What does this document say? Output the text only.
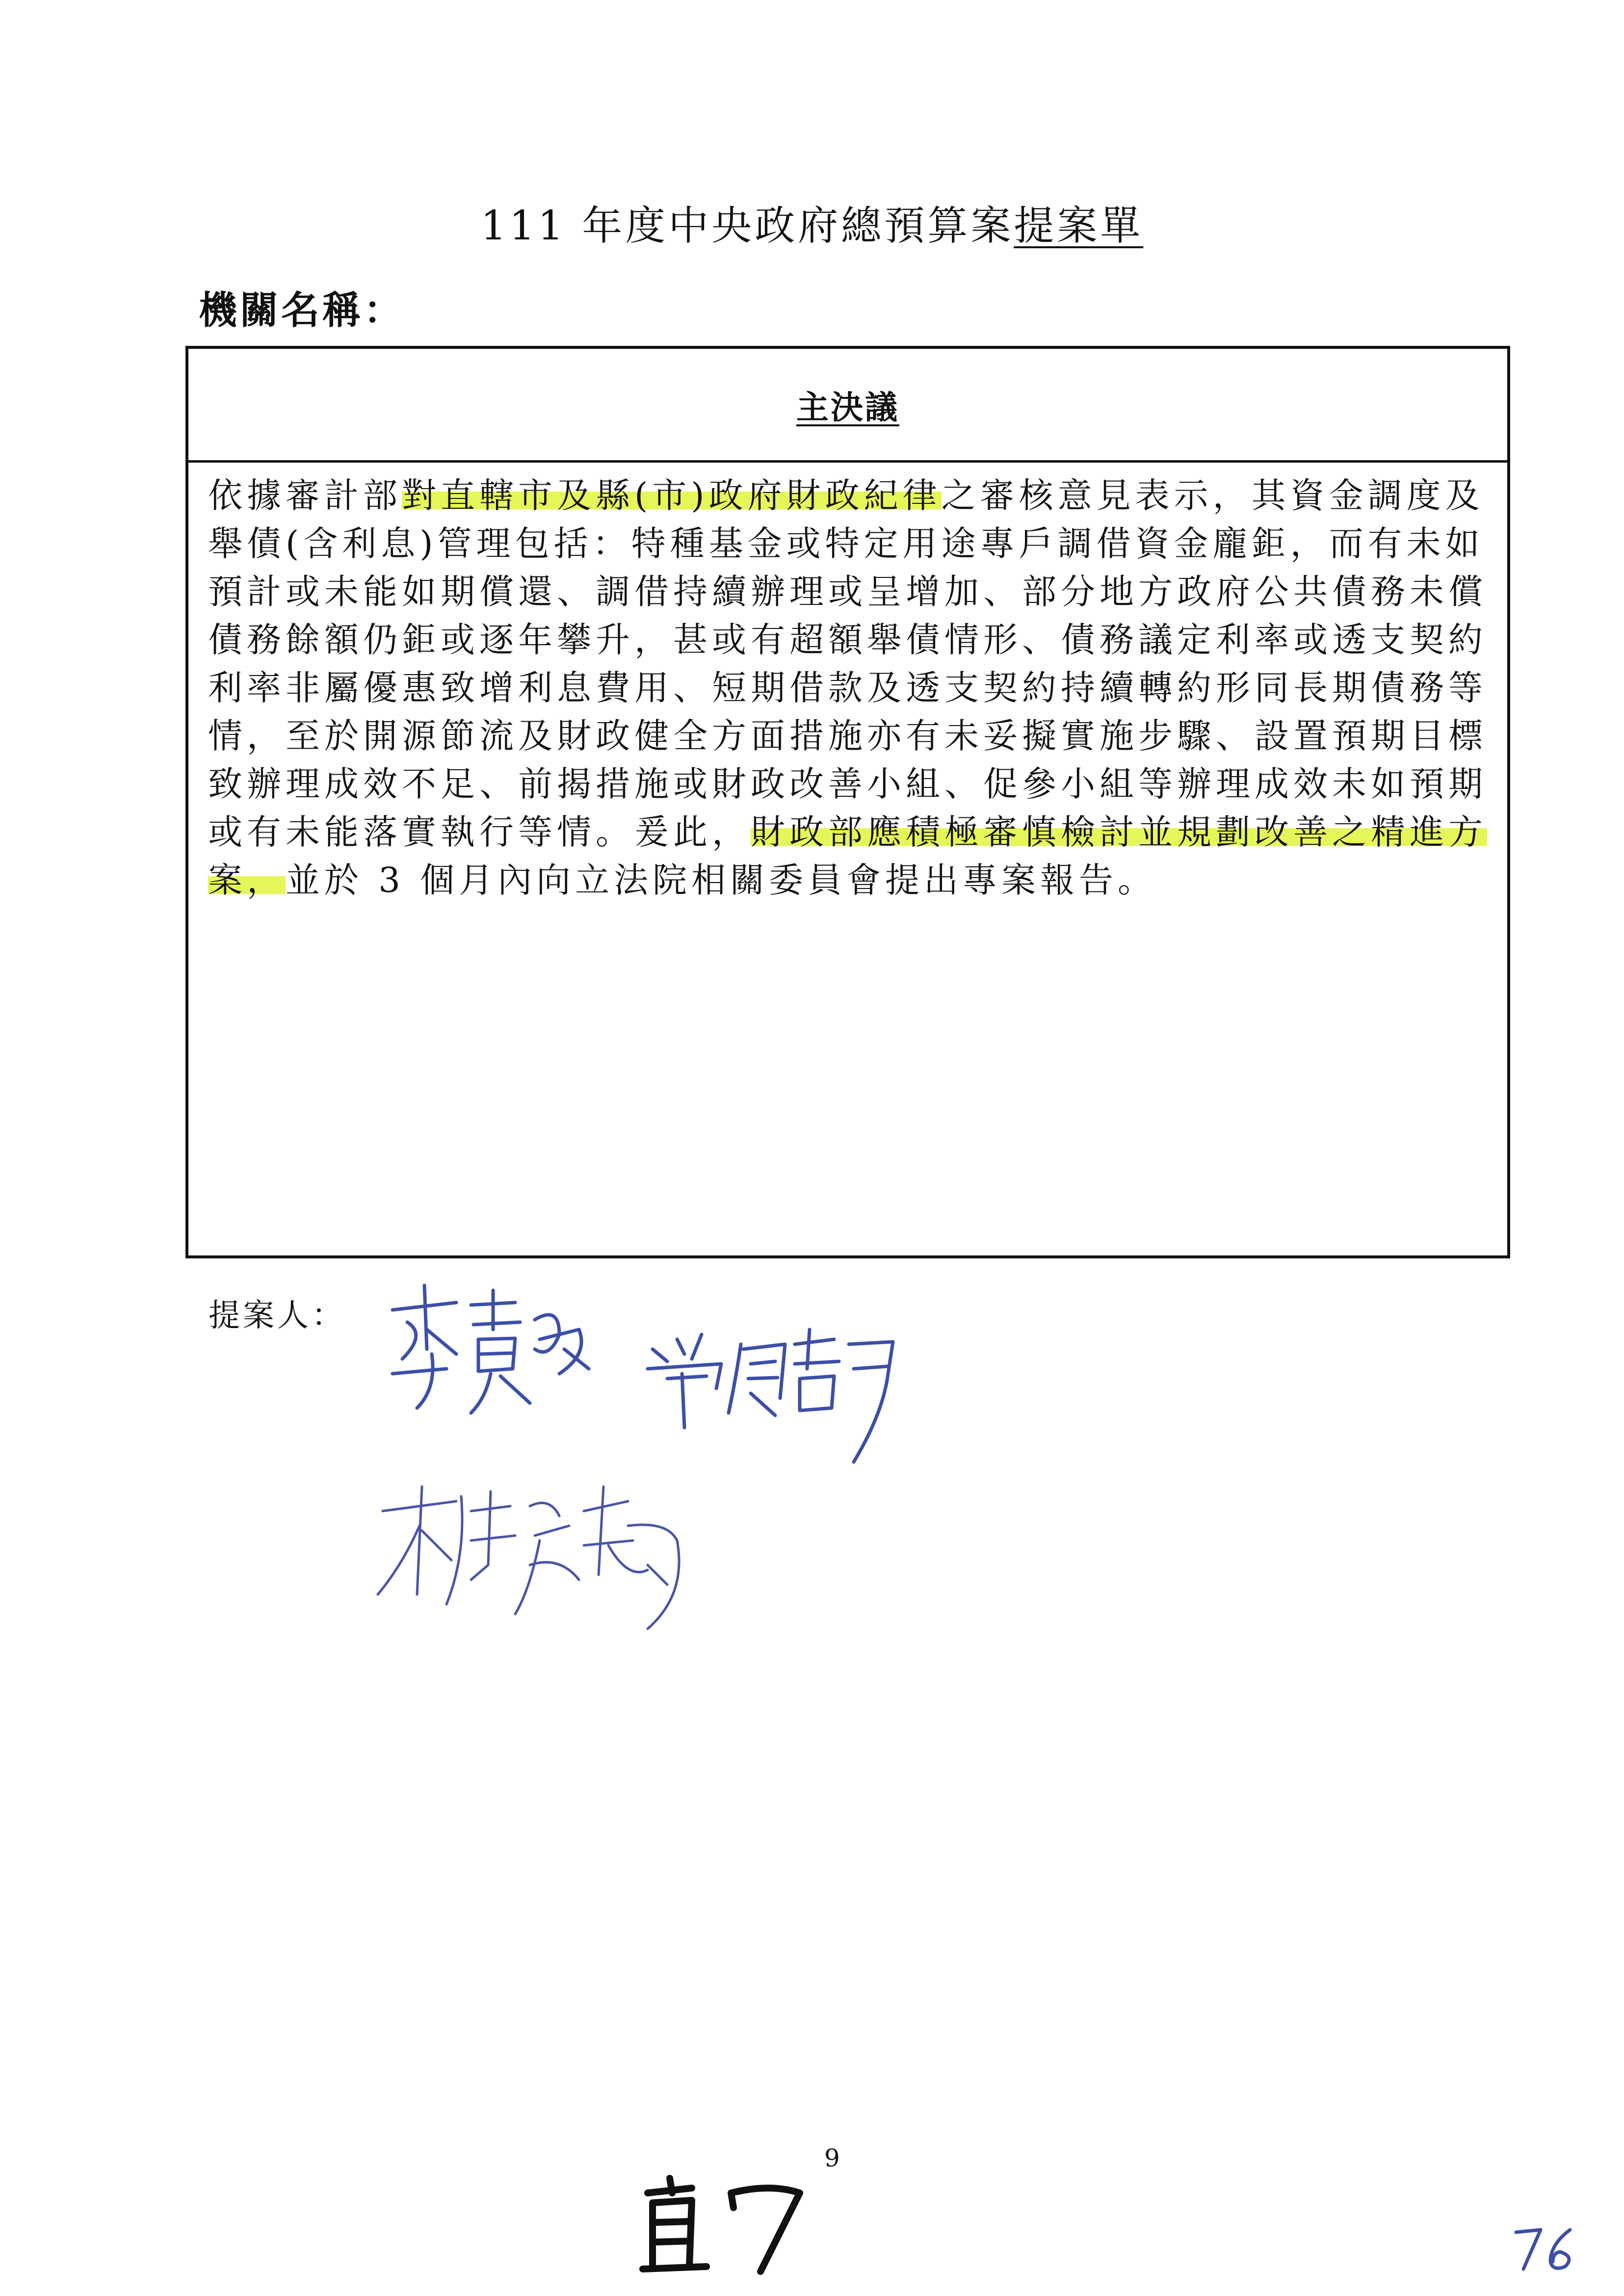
111 年度中央政府總預算案提案單
機關名稱：
主決議
依據審計部對直轄市及縣(市)政府財政紀律之審核意見表示，其資金調度及
舉債(含利息)管理包括：特種基金或特定用途專戶調借資金龐鉅，而有未如
預計或未能如期償還、調借持續辦理或呈增加、部分地方政府公共債務未償
債務餘額仍鉅或逐年攀升，甚或有超額舉債情形、債務議定利率或透支契約
利率非屬優惠致增利息費用、短期借款及透支契約持續轉約形同長期債務等
情，至於開源節流及財政健全方面措施亦有未妥擬實施步驟、設置預期目標
致辦理成效不足、前揭措施或財政改善小組、促參小組等辦理成效未如預期
或有未能落實執行等情。爰此，財政部應積極審慎檢討並規劃改善之精進方
案，並於 3 個月內向立法院相關委員會提出專案報告。
提案人：
9
